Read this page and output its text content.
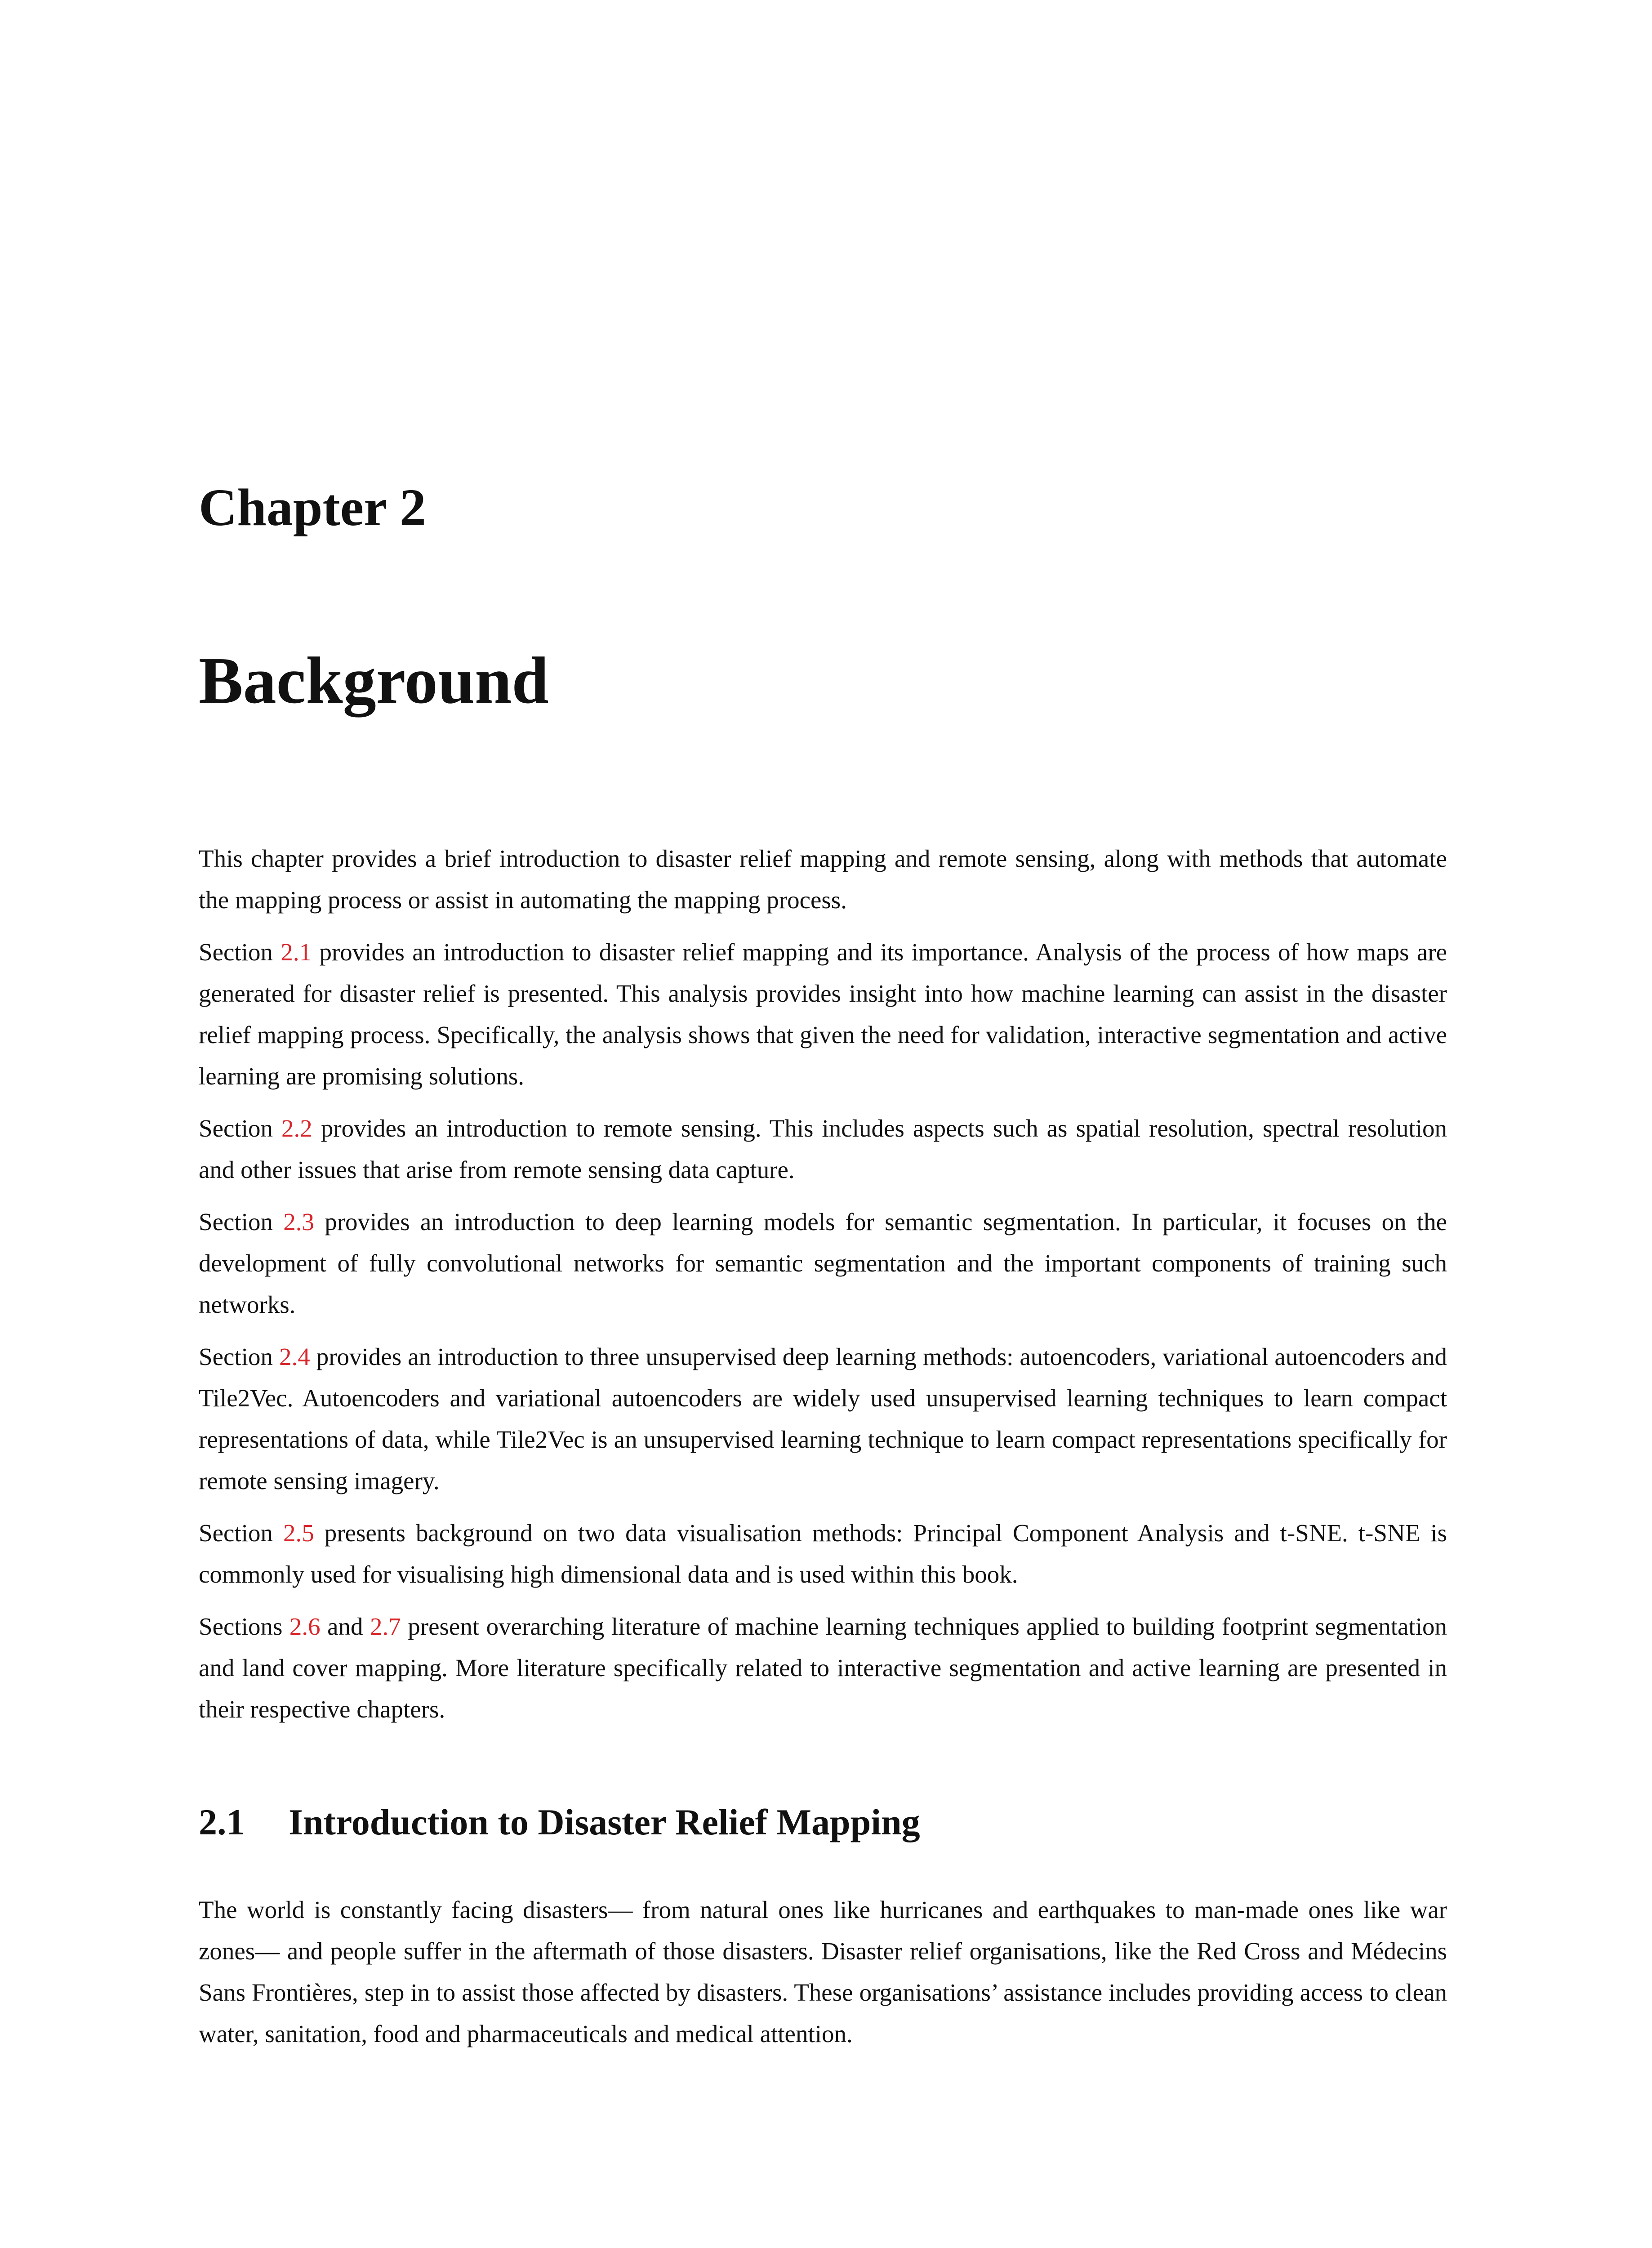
Chapter 2
Background

This chapter provides a brief introduction to disaster relief mapping and remote sensing, along with methods that automate the mapping process or assist in automating the mapping process.

Section 2.1 provides an introduction to disaster relief mapping and its importance. Analysis of the process of how maps are generated for disaster relief is presented. This analysis provides insight into how machine learning can assist in the disaster relief mapping process. Specifically, the analysis shows that given the need for validation, interactive segmentation and active learning are promising solutions.

Section 2.2 provides an introduction to remote sensing. This includes aspects such as spatial resolution, spectral resolution and other issues that arise from remote sensing data capture.

Section 2.3 provides an introduction to deep learning models for semantic segmentation. In particular, it focuses on the development of fully convolutional networks for semantic segmentation and the important components of training such networks.

Section 2.4 provides an introduction to three unsupervised deep learning methods: autoencoders, variational autoencoders and Tile2Vec. Autoencoders and variational autoencoders are widely used unsupervised learning techniques to learn compact representations of data, while Tile2Vec is an unsupervised learning technique to learn compact representations specifically for remote sensing imagery.

Section 2.5 presents background on two data visualisation methods: Principal Component Analysis and t-SNE. t-SNE is commonly used for visualising high dimensional data and is used within this book.

Sections 2.6 and 2.7 present overarching literature of machine learning techniques applied to building footprint segmentation and land cover mapping. More literature specifically related to interactive segmentation and active learning are presented in their respective chapters.

2.1 Introduction to Disaster Relief Mapping

The world is constantly facing disasters— from natural ones like hurricanes and earthquakes to man-made ones like war zones— and people suffer in the aftermath of those disasters. Disaster relief organisations, like the Red Cross and Médecins Sans Frontières, step in to assist those affected by disasters. These organisations’ assistance includes providing access to clean water, sanitation, food and pharmaceuticals and medical attention.
